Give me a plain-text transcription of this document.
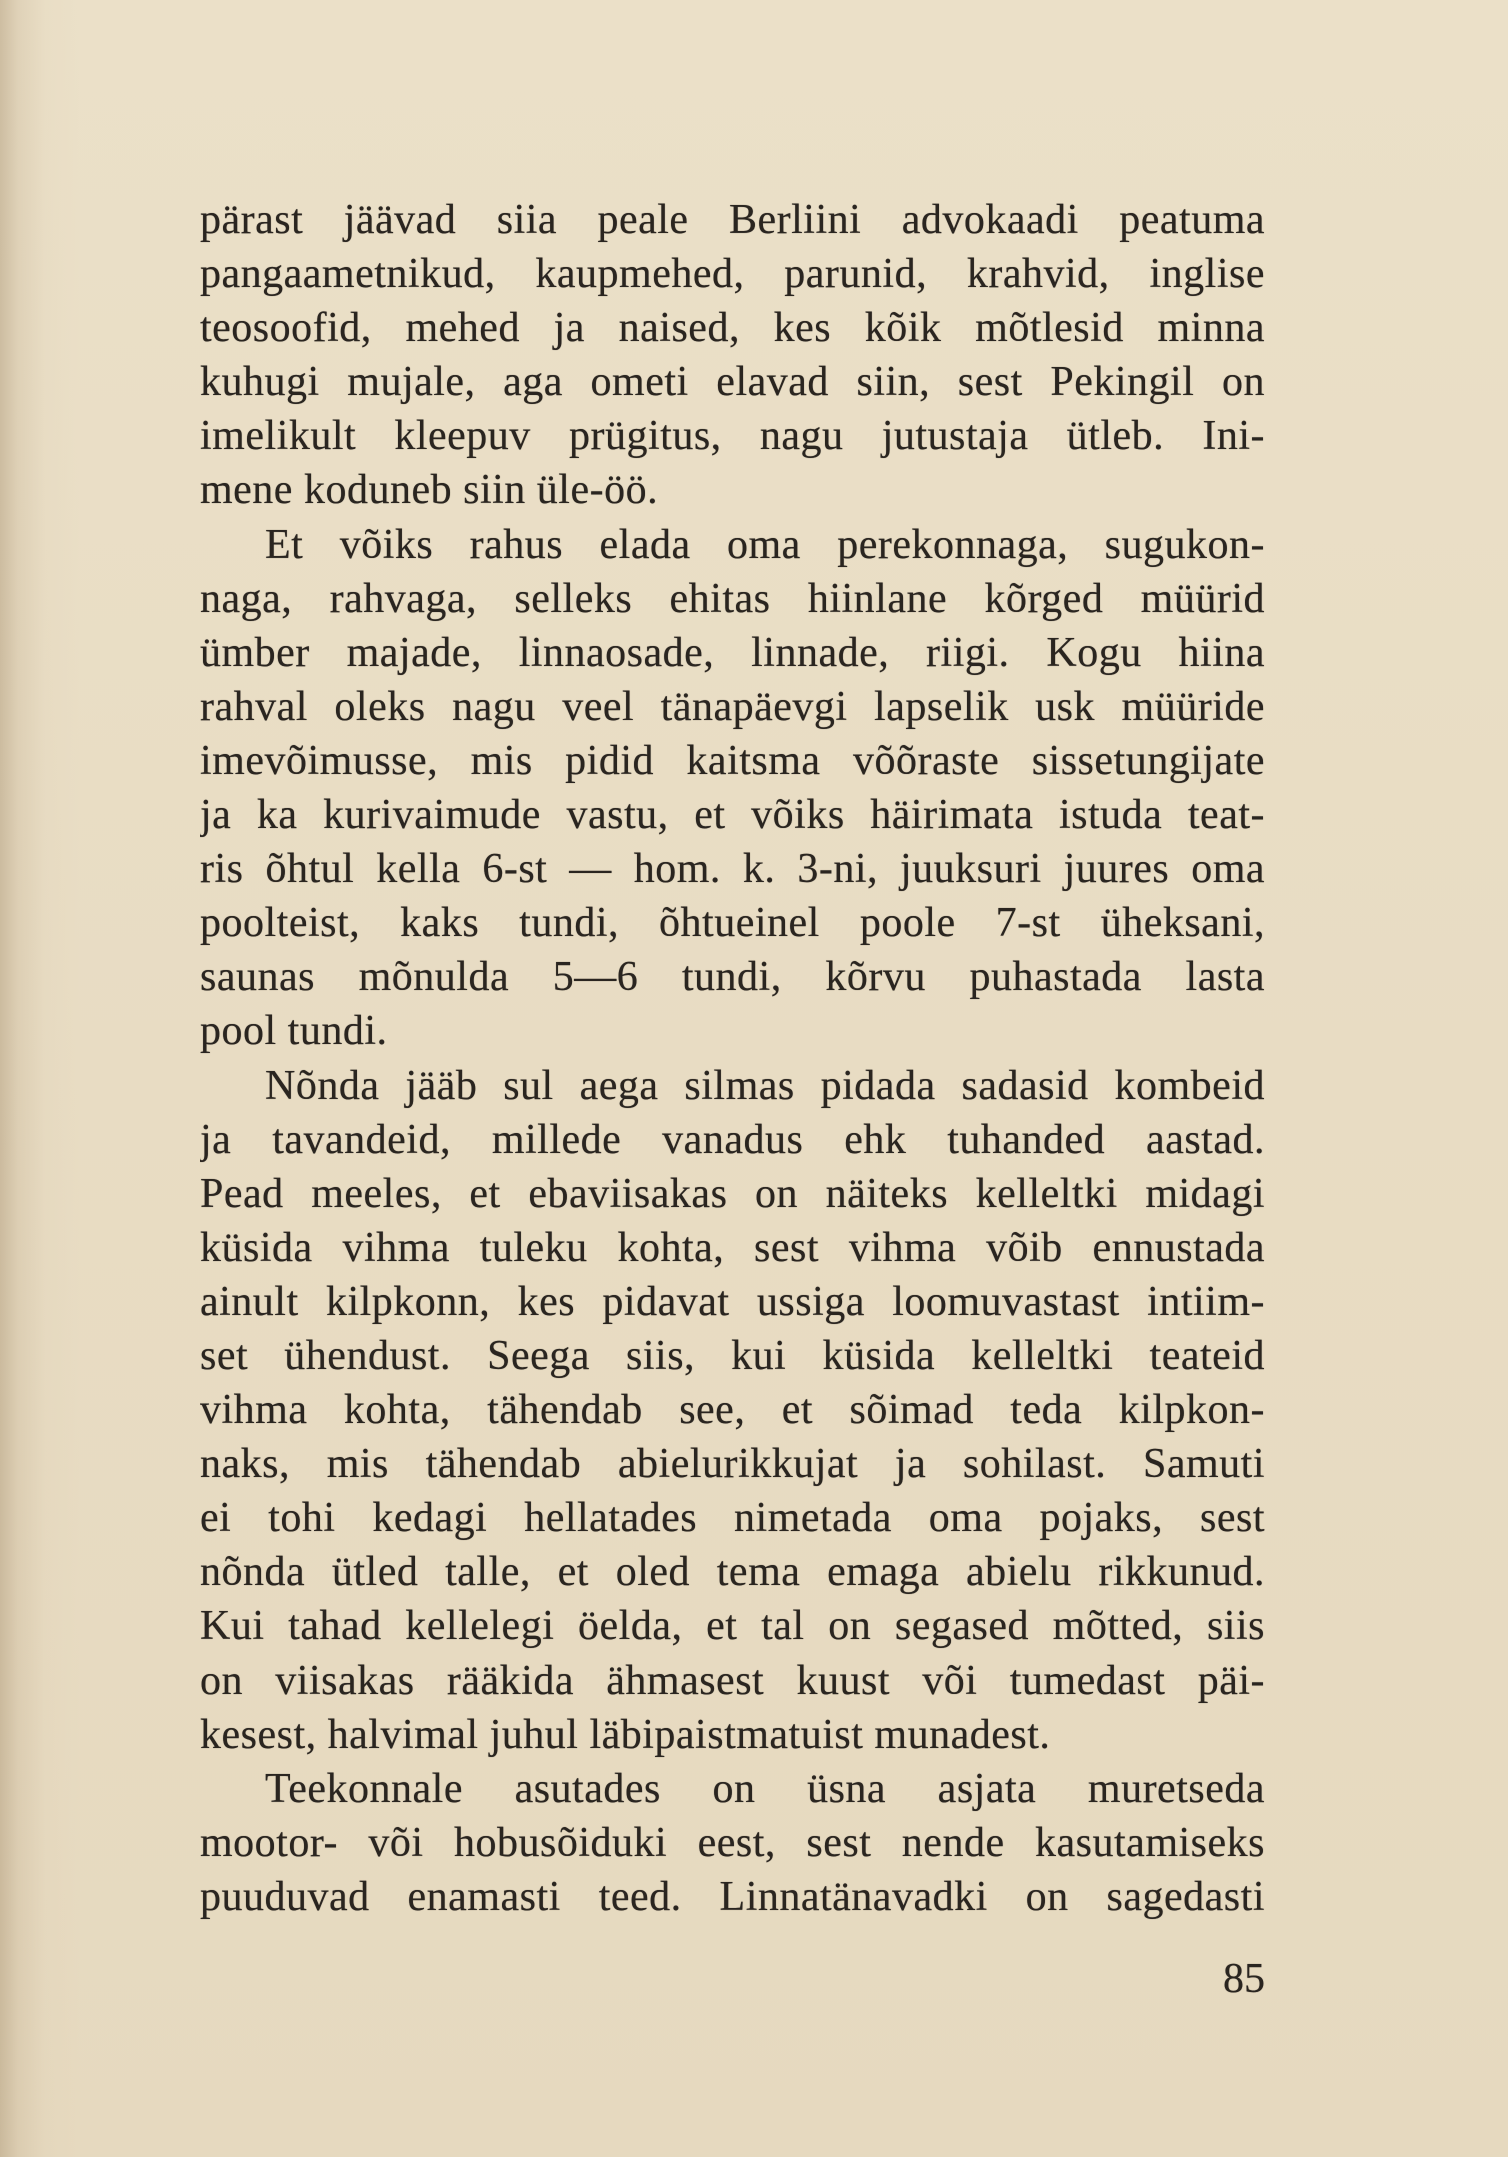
pärast jäävad siia peale Berliini advokaadi peatuma
pangaametnikud, kaupmehed, parunid, krahvid, inglise
teosoofid, mehed ja naised, kes kõik mõtlesid minna
kuhugi mujale, aga ometi elavad siin, sest Pekingil on
imelikult kleepuv prügitus, nagu jutustaja ütleb. Ini-
mene koduneb siin üle-öö.
Et võiks rahus elada oma perekonnaga, sugukon-
naga, rahvaga, selleks ehitas hiinlane kõrged müürid
ümber majade, linnaosade, linnade, riigi. Kogu hiina
rahval oleks nagu veel tänapäevgi lapselik usk müüride
imevõimusse, mis pidid kaitsma võõraste sissetungijate
ja ka kurivaimude vastu, et võiks häirimata istuda teat-
ris õhtul kella 6-st — hom. k. 3-ni, juuksuri juures oma
poolteist, kaks tundi, õhtueinel poole 7-st üheksani,
saunas mõnulda 5—6 tundi, kõrvu puhastada lasta
pool tundi.
Nõnda jääb sul aega silmas pidada sadasid kombeid
ja tavandeid, millede vanadus ehk tuhanded aastad.
Pead meeles, et ebaviisakas on näiteks kelleltki midagi
küsida vihma tuleku kohta, sest vihma võib ennustada
ainult kilpkonn, kes pidavat ussiga loomuvastast intiim-
set ühendust. Seega siis, kui küsida kelleltki teateid
vihma kohta, tähendab see, et sõimad teda kilpkon-
naks, mis tähendab abielurikkujat ja sohilast. Samuti
ei tohi kedagi hellatades nimetada oma pojaks, sest
nõnda ütled talle, et oled tema emaga abielu rikkunud.
Kui tahad kellelegi öelda, et tal on segased mõtted, siis
on viisakas rääkida ähmasest kuust või tumedast päi-
kesest, halvimal juhul läbipaistmatuist munadest.
Teekonnale asutades on üsna asjata muretseda
mootor- või hobusõiduki eest, sest nende kasutamiseks
puuduvad enamasti teed. Linnatänavadki on sagedasti
85
